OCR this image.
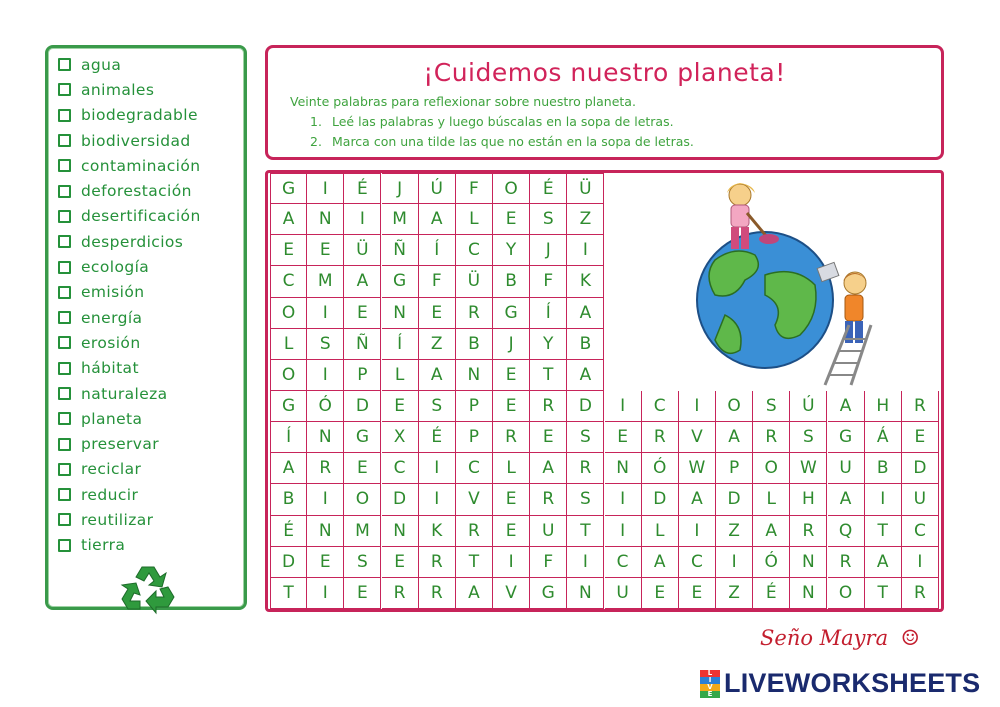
agua
animales
biodegradable
biodiversidad
contaminación
deforestación
desertificación
desperdicios
ecología
emisión
energía
erosión
hábitat
naturaleza
planeta
preservar
reciclar
reducir
reutilizar
tierra
¡Cuidemos nuestro planeta!
Veinte palabras para reflexionar sobre nuestro planeta.
1. Leé las palabras y luego búscalas en la sopa de letras.
2. Marca con una tilde las que no están en la sopa de letras.
G	I	É	J	Ú	F	O	É	Ü
A	N	I	M	A	L	E	S	Z
E	E	Ü	Ñ	Í	C	Y	J	I
C	M	A	G	F	Ü	B	F	K
O	I	E	N	E	R	G	Í	A
L	S	Ñ	Í	Z	B	J	Y	B
O	I	P	L	A	N	E	T	A
G	Ó	D	E	S	P	E	R	D	I	C	I	O	S	Ú	A	H	R
Í	N	G	X	É	P	R	E	S	E	R	V	A	R	S	G	Á	E
A	R	E	C	I	C	L	A	R	N	Ó	W	P	O	W	U	B	D
B	I	O	D	I	V	E	R	S	I	D	A	D	L	H	A	I	U
É	N	M	N	K	R	E	U	T	I	L	I	Z	A	R	Q	T	C
D	E	S	E	R	T	I	F	I	C	A	C	I	Ó	N	R	A	I
T	I	E	R	R	A	V	G	N	U	E	E	Z	É	N	O	T	R
Seño Mayra ☺
L
I
V
E LIVEWORKSHEETS
